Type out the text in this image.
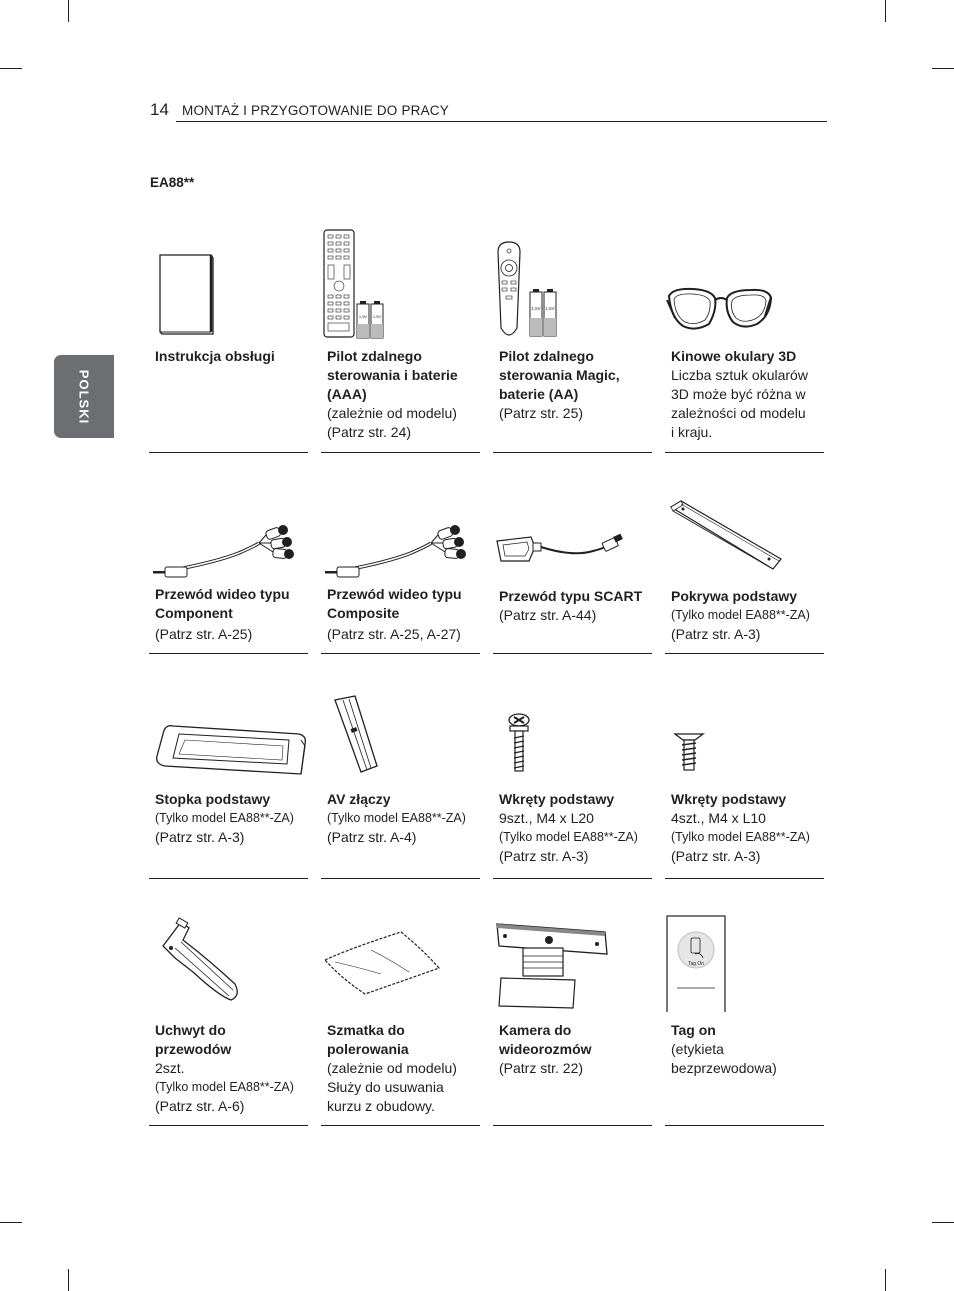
14 MONTAŻ I PRZYGOTOWANIE DO PRACY
POLSKI
EA88**
Instrukcja obsługi
1,5V 1,5V
Pilot zdalnego
sterowania i baterie
(AAA)
(zależnie od modelu)
(Patrz str. 24)
1,5V 1,5V
Pilot zdalnego
sterowania Magic,
baterie (AA)
(Patrz str. 25)
Kinowe okulary 3D
Liczba sztuk okularów
3D może być różna w
zależności od modelu
i kraju.
Przewód wideo typu
Component
(Patrz str. A-25)
Przewód wideo typu
Composite
(Patrz str. A-25, A-27)
Przewód typu SCART
(Patrz str. A-44)
Pokrywa podstawy
(Tylko model EA88**-ZA)
(Patrz str. A-3)
Stopka podstawy
(Tylko model EA88**-ZA)
(Patrz str. A-3)
AV złączy
(Tylko model EA88**-ZA)
(Patrz str. A-4)
Wkręty podstawy
9szt., M4 x L20
(Tylko model EA88**-ZA)
(Patrz str. A-3)
Wkręty podstawy
4szt., M4 x L10
(Tylko model EA88**-ZA)
(Patrz str. A-3)
Uchwyt do
przewodów
2szt.
(Tylko model EA88**-ZA)
(Patrz str. A-6)
Szmatka do
polerowania
(zależnie od modelu)
Służy do usuwania
kurzu z obudowy.
Kamera do
wideorozmów
(Patrz str. 22)
Tag On
Tag on
(etykieta
bezprzewodowa)
